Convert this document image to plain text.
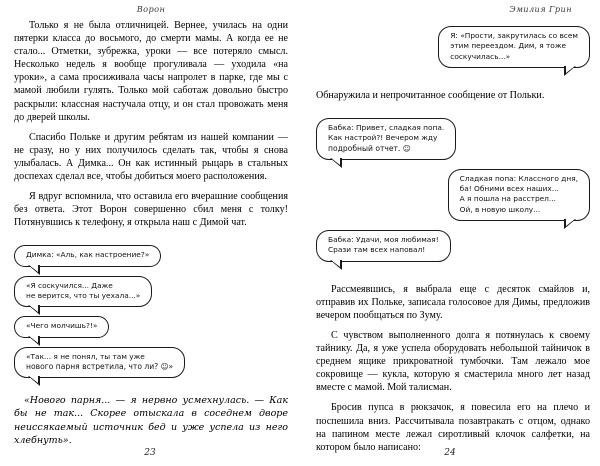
Ворон

Только я не была отличницей. Вернее, училась на одни пятерки класса до восьмого, до смерти мамы. А когда ее не стало... Отметки, зубрежка, уроки — все потеряло смысл. Несколько недель я вообще прогуливала — уходила «на уроки», а сама просиживала часы напролет в парке, где мы с мамой любили гулять. Только мой саботаж довольно быстро раскрыли: классная настучала отцу, и он стал провожать меня до дверей школы.

Спасибо Польке и другим ребятам из нашей компании — не сразу, но у них получилось сделать так, чтобы я снова улыбалась. А Димка... Он как истинный рыцарь в стальных доспехах сделал все, чтобы добиться моего расположения.

Я вдруг вспомнила, что оставила его вчерашние сообщения без ответа. Этот Ворон совершенно сбил меня с толку! Потянувшись к телефону, я открыла наш с Димой чат.

Димка: «Аль, как настроение?»
«Я соскучился... Даже
не верится, что ты уехала...»
«Чего молчишь?!»
«Так... я не понял, ты там уже
нового парня встретила, что ли? ☺»

«Нового парня... — я нервно усмехнулась. — Как бы не так... Скорее отыскала в соседнем дворе неиссякаемый источник бед и уже успела из него хлебнуть».

23
Эмилия Грин
Я: «Прости, закрутилась со всем
этим переездом. Дим, я тоже
соскучилась...»

Обнаружила и непрочитанное сообщение от Польки.

Бабка: Привет, сладкая попа.
Как настрой?! Вечером жду
подробный отчет. ☺
Сладкая попа: Классного дня,
ба! Обними всех наших...
А я пошла на расстрел...
Ой, в новую школу...
Бабка: Удачи, моя любимая!
Срази там всех наповал!

Рассмеявшись, я выбрала еще с десяток смайлов и, отправив их Польке, записала голосовое для Димы, предложив вечером пообщаться по Зуму.

С чувством выполненного долга я потянулась к своему тайнику. Да, я уже успела оборудовать небольшой тайничок в среднем ящике прикроватной тумбочки. Там лежало мое сокровище — кукла, которую я смастерила много лет назад вместе с мамой. Мой талисман.

Бросив пупса в рюкзачок, я повесила его на плечо и поспешила вниз. Рассчитывала позавтракать с отцом, однако на папином месте лежал сиротливый клочок салфетки, на котором было написано:

24
